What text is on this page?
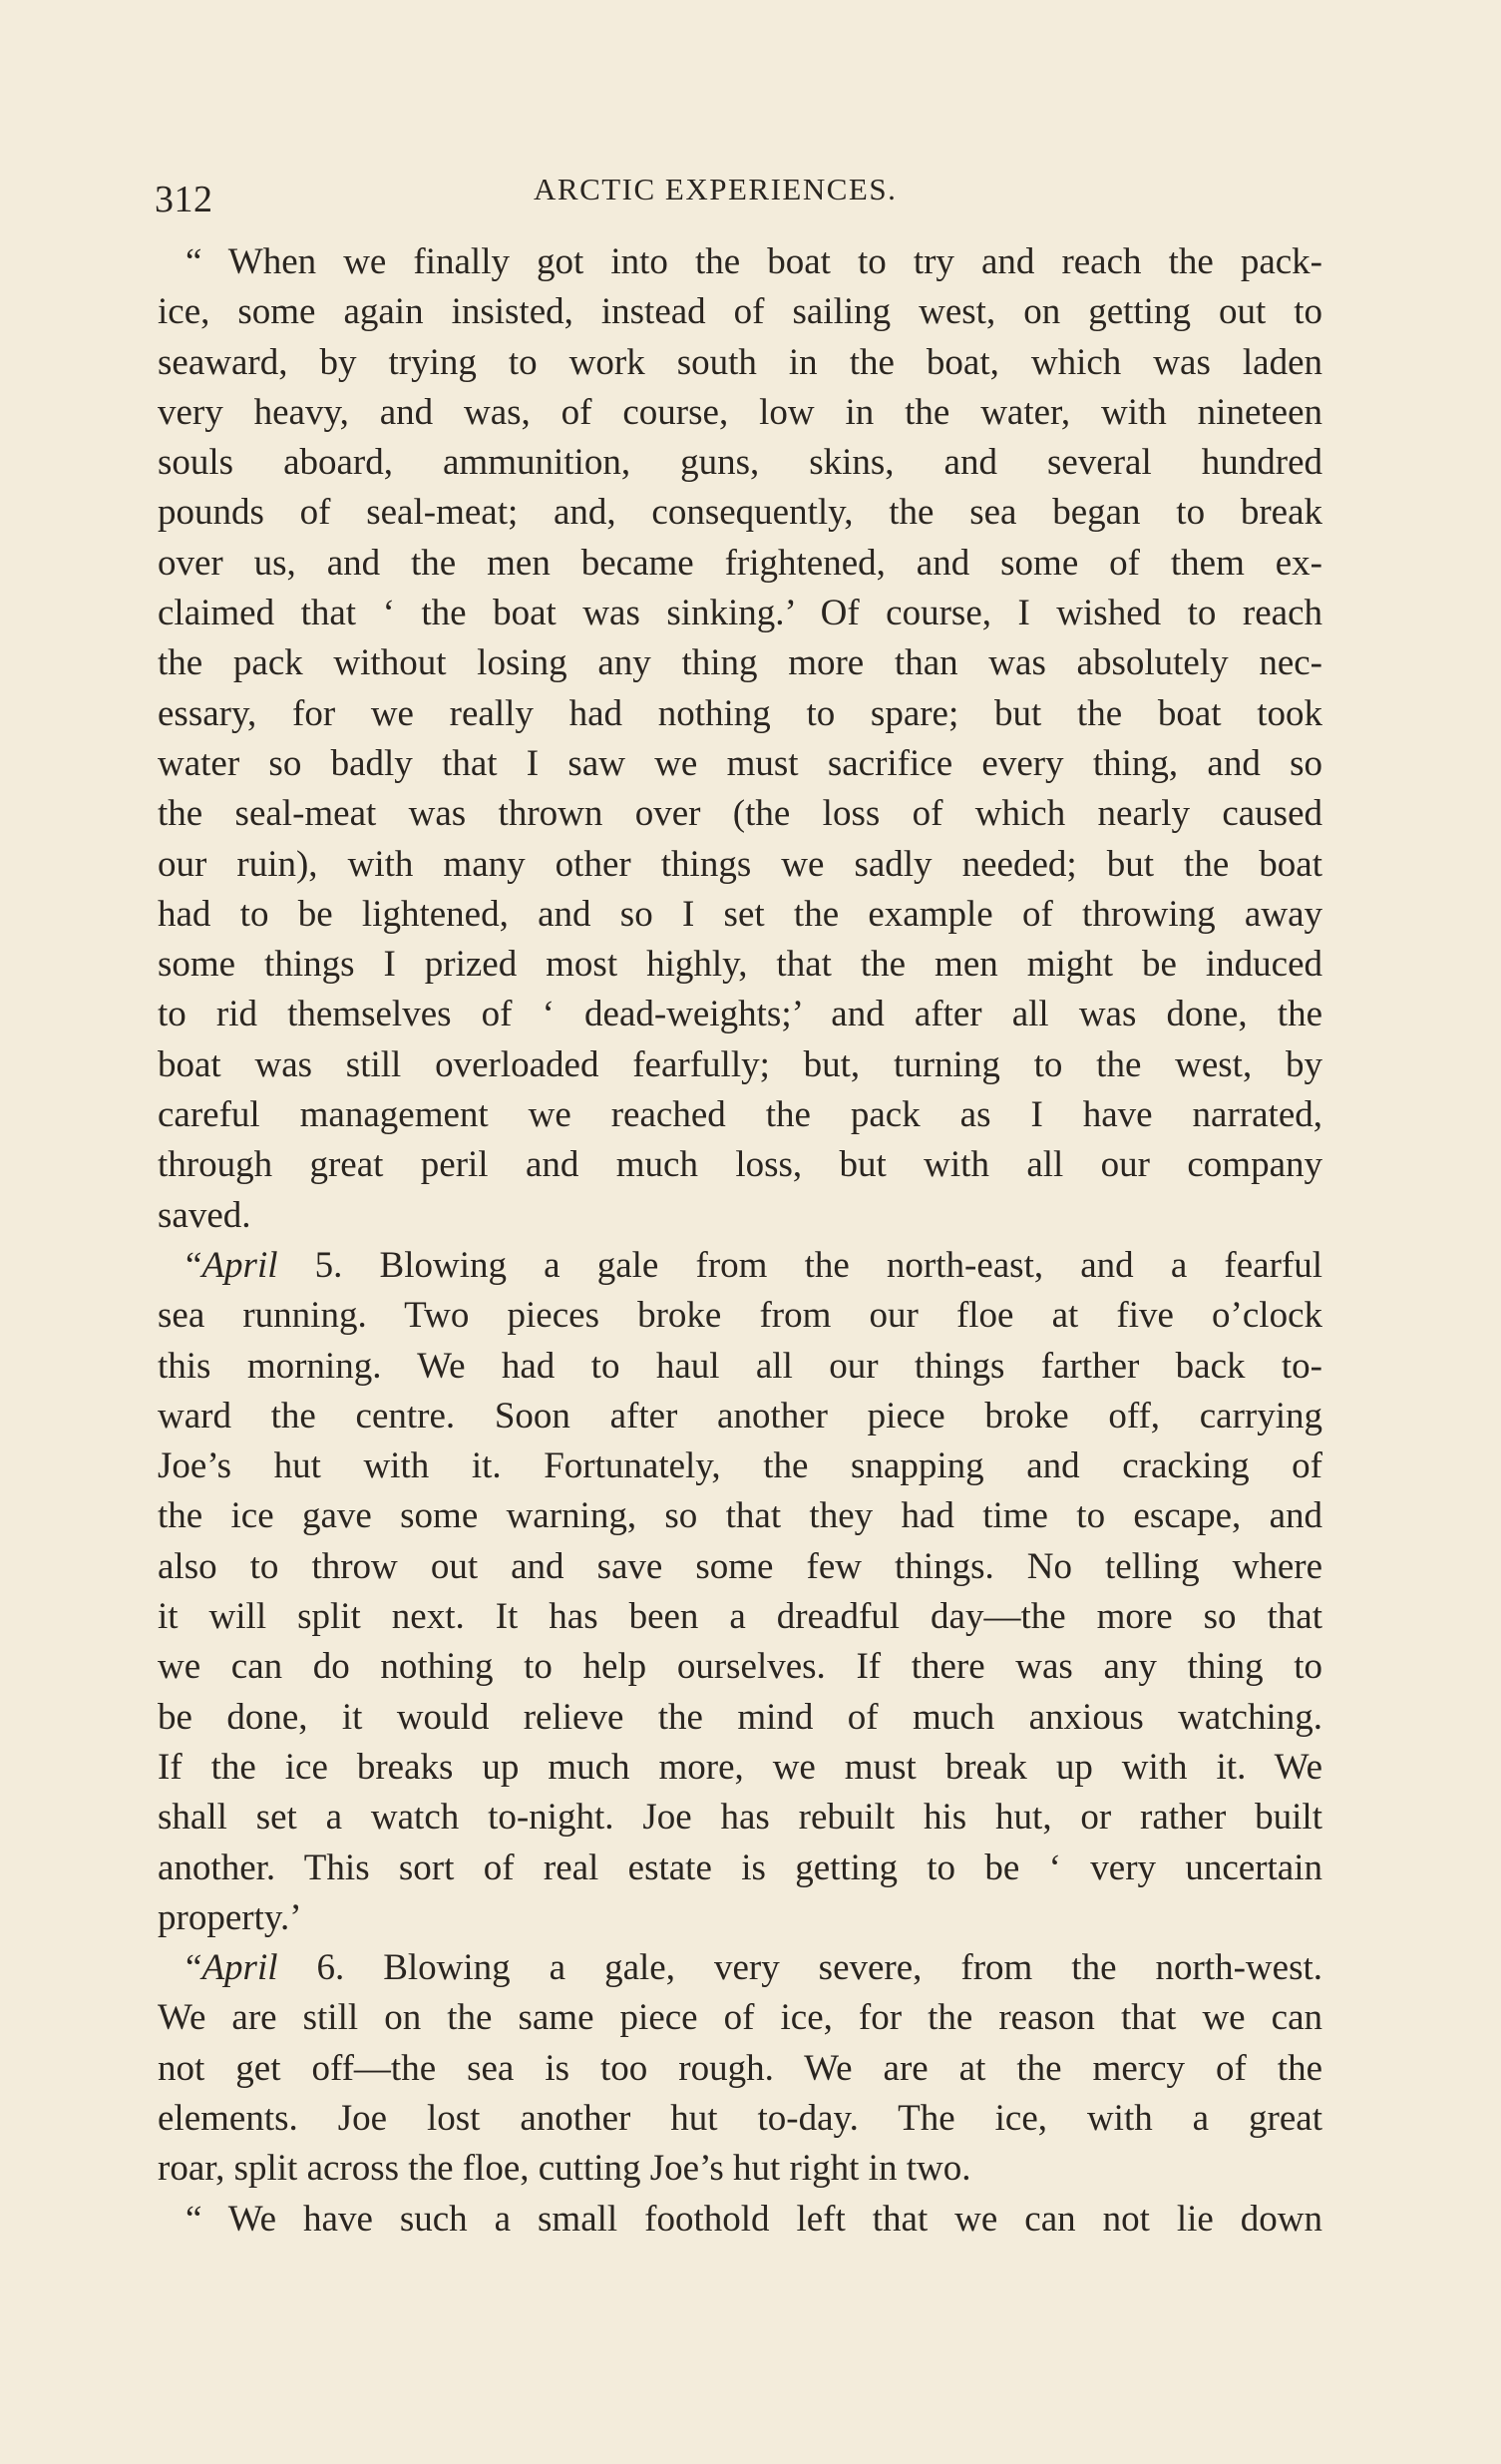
312	ARCTIC EXPERIENCES.
“ When we finally got into the boat to try and reach the pack-
ice, some again insisted, instead of sailing west, on getting out to
seaward, by trying to work south in the boat, which was laden
very heavy, and was, of course, low in the water, with nineteen
souls aboard, ammunition, guns, skins, and several hundred
pounds of seal-meat; and, consequently, the sea began to break
over us, and the men became frightened, and some of them ex-
claimed that ‘ the boat was sinking.’ Of course, I wished to reach
the pack without losing any thing more than was absolutely nec-
essary, for we really had nothing to spare; but the boat took
water so badly that I saw we must sacrifice every thing, and so
the seal-meat was thrown over (the loss of which nearly caused
our ruin), with many other things we sadly needed; but the boat
had to be lightened, and so I set the example of throwing away
some things I prized most highly, that the men might be induced
to rid themselves of ‘ dead-weights;’ and after all was done, the
boat was still overloaded fearfully; but, turning to the west, by
careful management we reached the pack as I have narrated,
through great peril and much loss, but with all our company
saved.
“April 5. Blowing a gale from the north-east, and a fearful
sea running. Two pieces broke from our floe at five o’clock
this morning. We had to haul all our things farther back to-
ward the centre. Soon after another piece broke off, carrying
Joe’s hut with it. Fortunately, the snapping and cracking of
the ice gave some warning, so that they had time to escape, and
also to throw out and save some few things. No telling where
it will split next. It has been a dreadful day—the more so that
we can do nothing to help ourselves. If there was any thing to
be done, it would relieve the mind of much anxious watching.
If the ice breaks up much more, we must break up with it. We
shall set a watch to-night. Joe has rebuilt his hut, or rather built
another. This sort of real estate is getting to be ‘ very uncertain
property.’
“April 6. Blowing a gale, very severe, from the north-west.
We are still on the same piece of ice, for the reason that we can
not get off—the sea is too rough. We are at the mercy of the
elements. Joe lost another hut to-day. The ice, with a great
roar, split across the floe, cutting Joe’s hut right in two.
“ We have such a small foothold left that we can not lie down
